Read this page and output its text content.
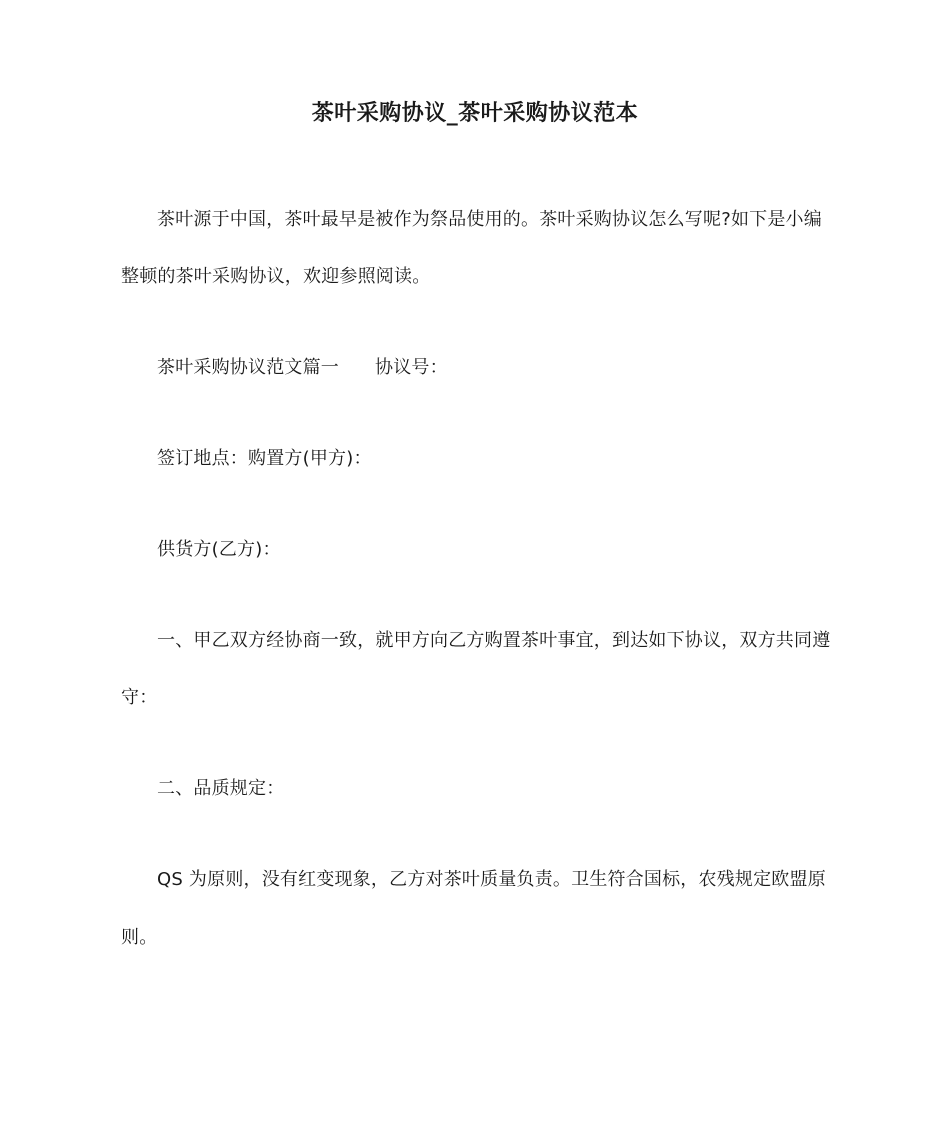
茶叶采购协议_茶叶采购协议范本
茶叶源于中国，茶叶最早是被作为祭品使用的。茶叶采购协议怎么写呢?如下是小编
整顿的茶叶采购协议，欢迎参照阅读。
茶叶采购协议范文篇一 协议号：
签订地点：购置方(甲方)：
供货方(乙方)：
一、甲乙双方经协商一致，就甲方向乙方购置茶叶事宜，到达如下协议，双方共同遵
守：
二、品质规定：
QS 为原则，没有红变现象，乙方对茶叶质量负责。卫生符合国标，农残规定欧盟原
则。
